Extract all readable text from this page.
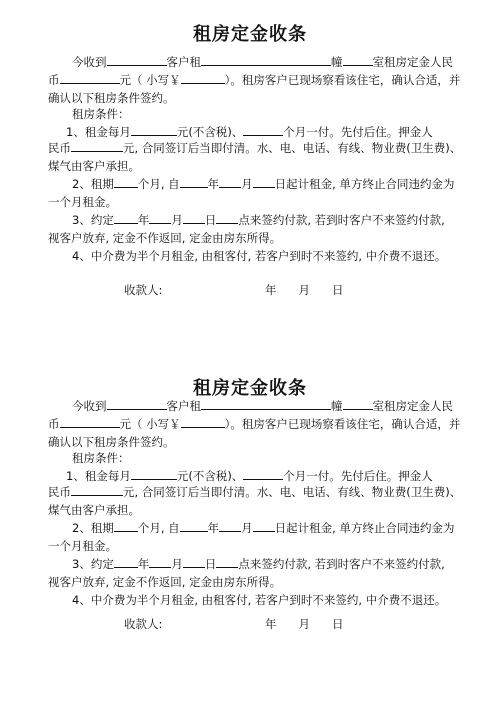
租房定金收条
今收到	客户租	幢	室租房定金人民
币	元（ 小写￥	）。租房客户已现场察看该住宅，确认合适，并
确认以下租房条件签约。
租房条件：
1、租金每月	元(不含税)、	个月一付。先付后住。押金人
民币	元, 合同签订后当即付清。水、电、电话、有线、物业费(卫生费)、
煤气由客户承担。
2、租期 个月, 自 年 月 日起计租金, 单方终止合同违约金为
一个月租金。
3、约定 年 月 日 点来签约付款, 若到时客户不来签约付款,
视客户放弃, 定金不作返回, 定金由房东所得。
4、中介费为半个月租金, 由租客付, 若客户到时不来签约, 中介费不退还。
收款人:	年 月 日
租房定金收条
今收到	客户租	幢	室租房定金人民
币	元（ 小写￥	）。租房客户已现场察看该住宅，确认合适，并
确认以下租房条件签约。
租房条件：
1、租金每月	元(不含税)、	个月一付。先付后住。押金人
民币	元, 合同签订后当即付清。水、电、电话、有线、物业费(卫生费)、
煤气由客户承担。
2、租期 个月, 自 年 月 日起计租金, 单方终止合同违约金为
一个月租金。
3、约定 年 月 日 点来签约付款, 若到时客户不来签约付款,
视客户放弃, 定金不作返回, 定金由房东所得。
4、中介费为半个月租金, 由租客付, 若客户到时不来签约, 中介费不退还。
收款人:	年 月 日
